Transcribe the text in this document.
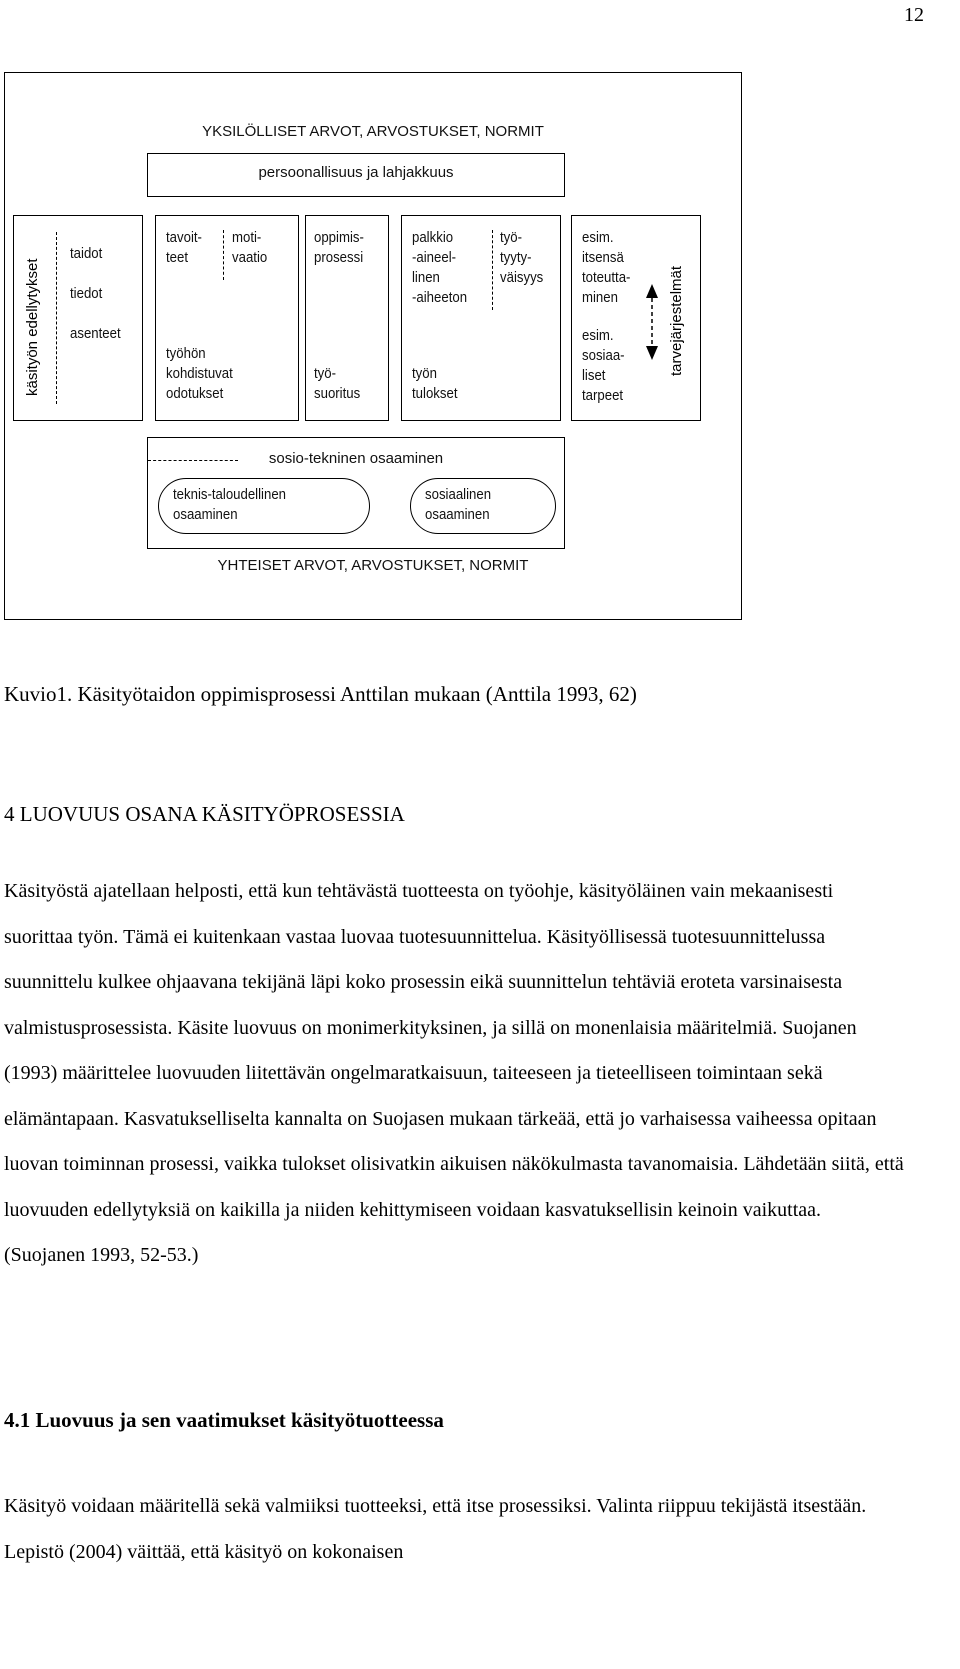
12
YKSILÖLLISET ARVOT, ARVOSTUKSET, NORMIT
persoonallisuus ja lahjakkuus
käsityön edellytykset
taidot
tiedot
asenteet
tavoit-
teet
moti-
vaatio
työhön
kohdistuvat
odotukset
oppimis-
prosessi
työ-
suoritus
palkkio
-aineel-
linen
-aiheeton
työ-
tyyty-
väisyys
työn
tulokset
esim.
itsensä
toteutta-
minen
esim.
sosiaa-
liset
tarpeet
tarvejärjestelmät
sosio-tekninen osaaminen
teknis-taloudellinen
osaaminen
sosiaalinen
osaaminen
YHTEISET ARVOT, ARVOSTUKSET, NORMIT
Kuvio1. Käsityötaidon oppimisprosessi Anttilan mukaan (Anttila 1993, 62)
4 LUOVUUS OSANA KÄSITYÖPROSESSIA

Käsityöstä ajatellaan helposti, että kun tehtävästä tuotteesta on työohje, käsityöläinen vain mekaanisesti suorittaa työn. Tämä ei kuitenkaan vastaa luovaa tuotesuunnittelua. Käsityöllisessä tuotesuunnittelussa suunnittelu kulkee ohjaavana tekijänä läpi koko prosessin eikä suunnittelun tehtäviä eroteta varsinaisesta valmistusprosessista. Käsite luovuus on monimerkityksinen, ja sillä on monenlaisia määritelmiä. Suojanen (1993) määrittelee luovuuden liitettävän ongelmaratkaisuun, taiteeseen ja tieteelliseen toimintaan sekä elämäntapaan. Kasvatukselliselta kannalta on Suojasen mukaan tärkeää, että jo varhaisessa vaiheessa opitaan luovan toiminnan prosessi, vaikka tulokset olisivatkin aikuisen näkökulmasta tavanomaisia. Lähdetään siitä, että luovuuden edellytyksiä on kaikilla ja niiden kehittymiseen voidaan kasvatuksellisin keinoin vaikuttaa. (Suojanen 1993, 52-53.)

4.1 Luovuus ja sen vaatimukset käsityötuotteessa

Käsityö voidaan määritellä sekä valmiiksi tuotteeksi, että itse prosessiksi. Valinta riippuu tekijästä itsestään. Lepistö (2004) väittää, että käsityö on kokonaisen
